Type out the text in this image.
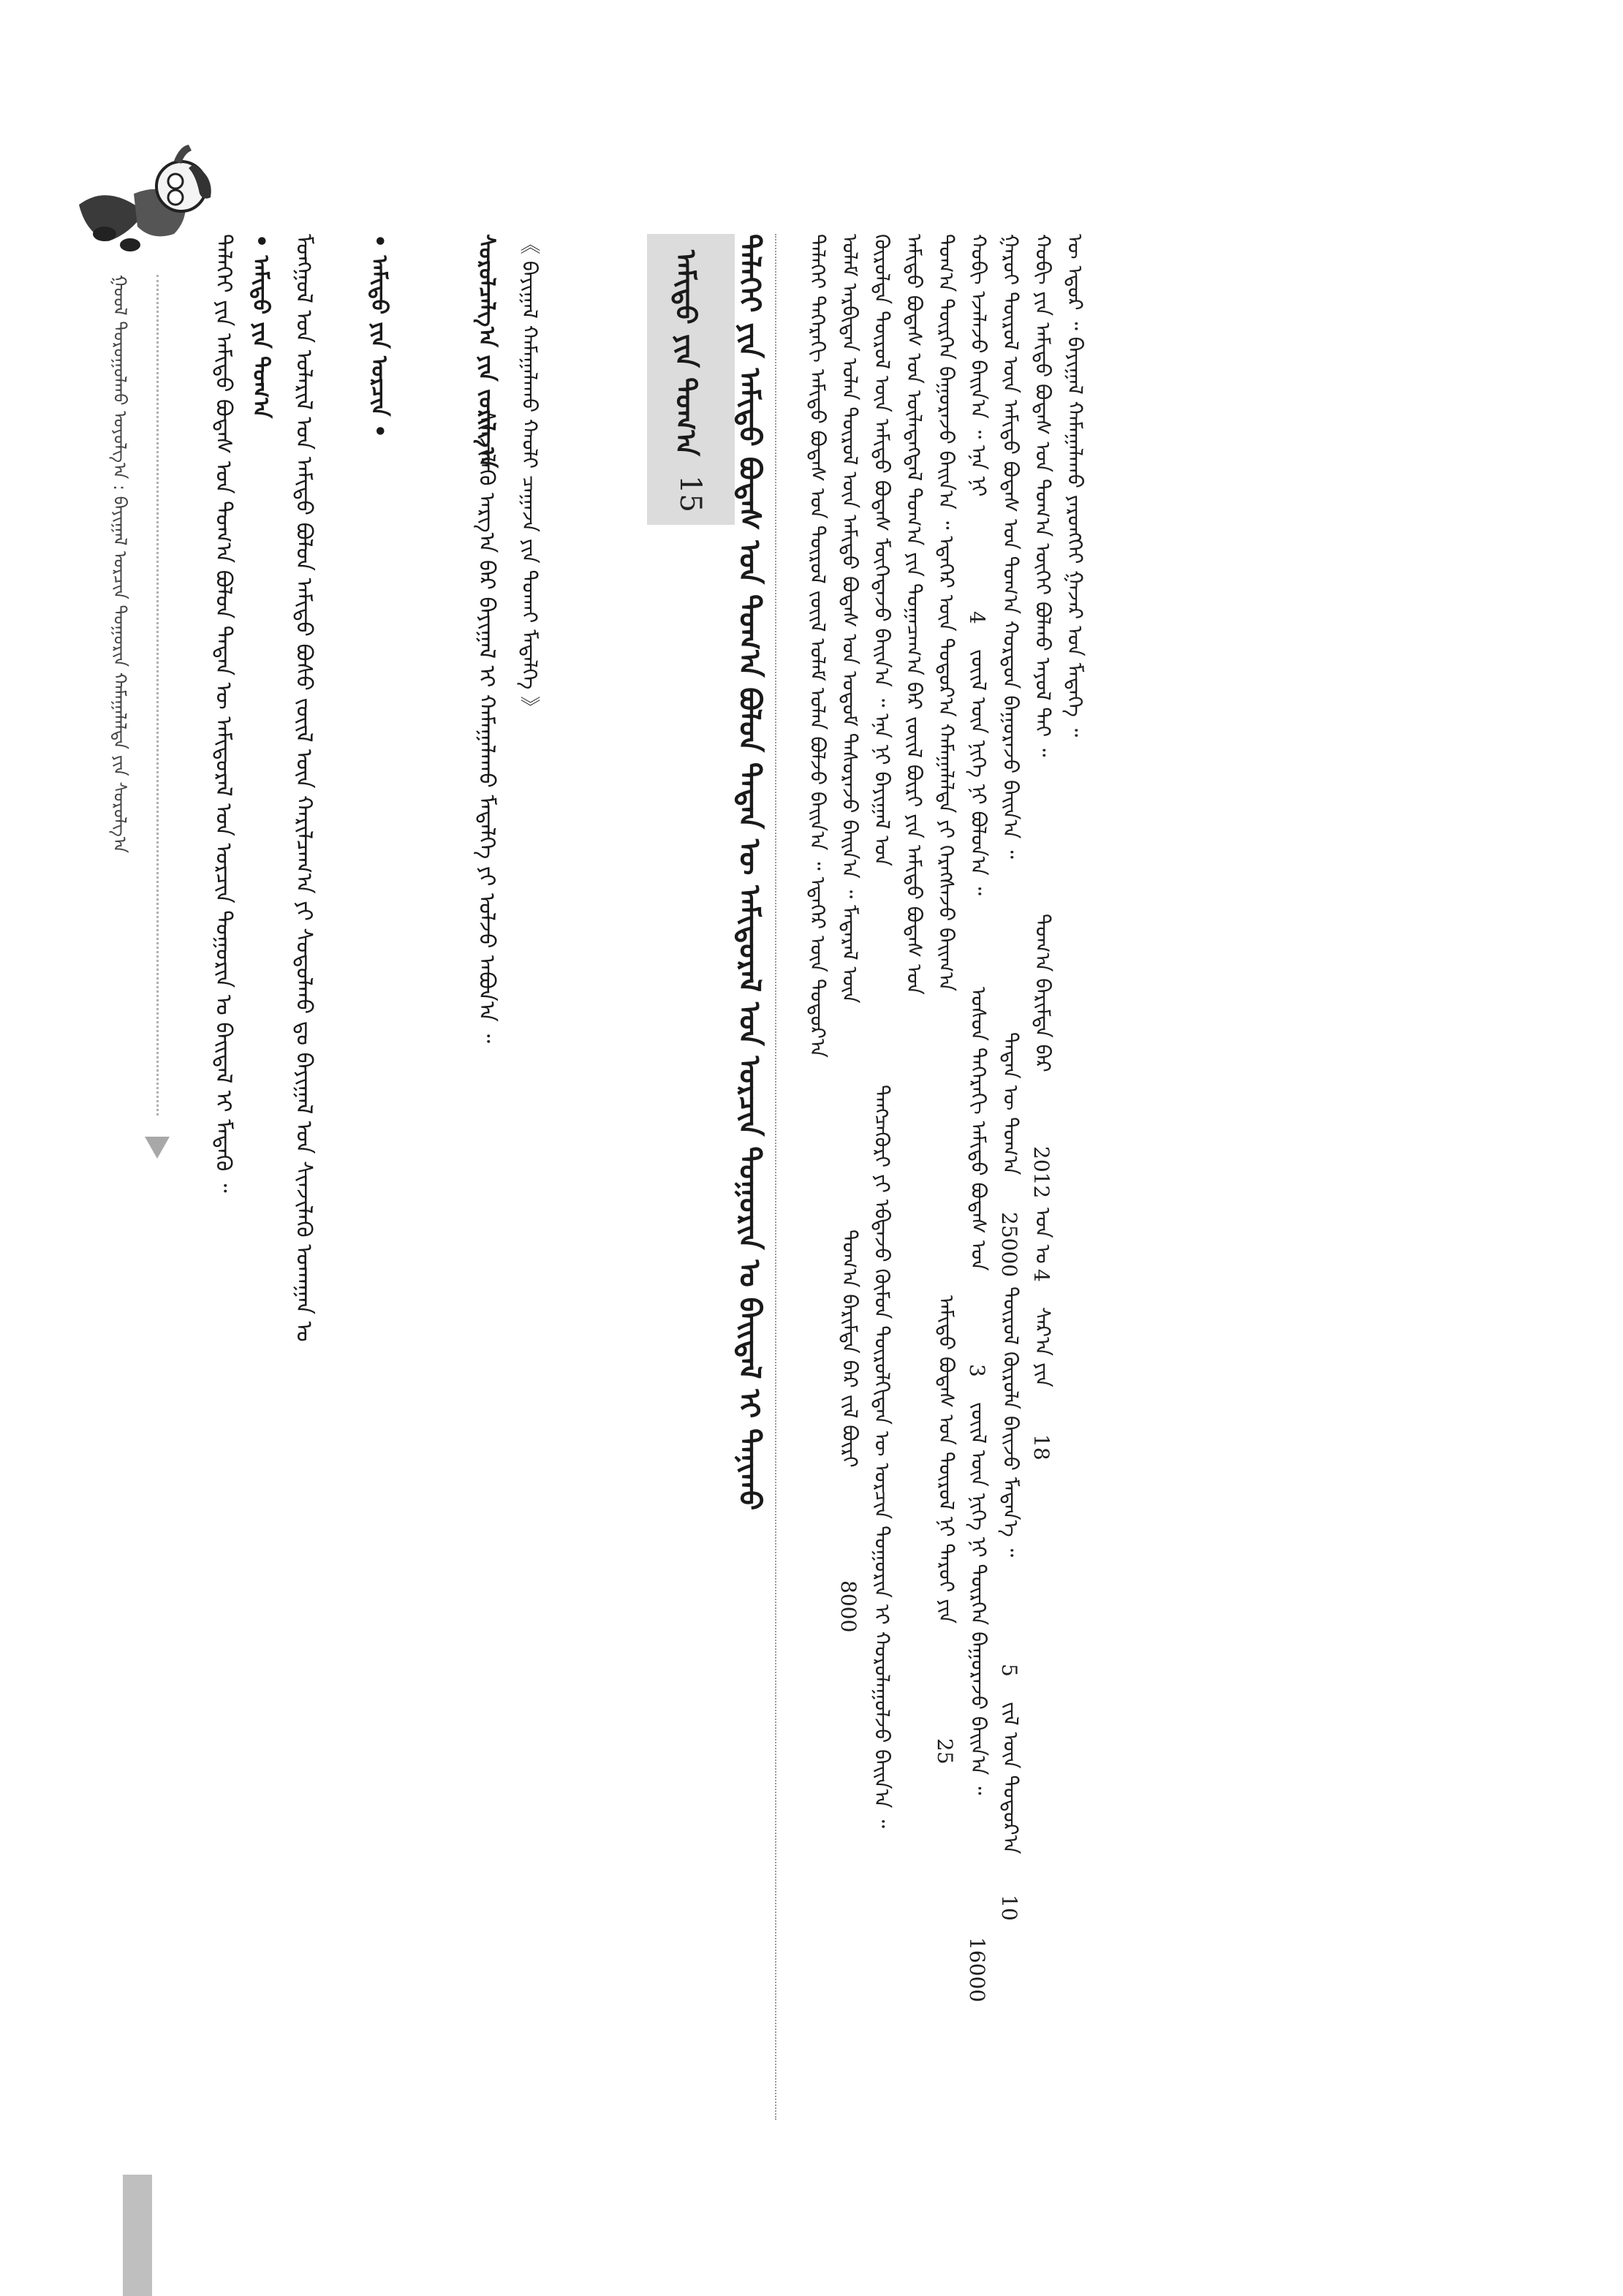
ᠭᠣᠣᠯ ᠳᠣᠷᠤᠭᠤᠯᠬᠤ ᠤᠶᠤᠯᠭ᠎ᠠ : ᠪᠠᠶᠢᠭᠠᠯ ᠣᠷᠴᠢᠨ ᠲᠣᠭᠣᠷᠢᠨ ᠬᠠᠮᠠᠭᠠᠯᠠᠯᠲᠠ ᠶᠢᠨ ᠰᠤᠷᠤᠯᠭ᠎ᠠ
• ᠠᠮᠢᠳᠤ ᠶᠢᠨ ᠲᠣᠭ᠎ᠠ
• ᠠᠮᠢᠳᠤ ᠶᠢᠨ ᠣᠷᠴᠢᠨ •
ᠳᠡᠯᠡᠬᠡᠢ ᠶᠢᠨ ᠠᠮᠢᠳᠤ ᠪᠣᠳᠠᠰ ᠤᠨ ᠲᠣᠭ᠎ᠠ ᠪᠣᠯᠣᠨ ᠲᠡᠳᠡᠨ ᠦ ᠠᠮᠢᠳᠤᠷᠠᠯ ᠤᠨ ᠣᠷᠴᠢᠨ ᠲᠣᠭᠣᠷᠢᠨ ᠤ ᠪᠠᠢᠳᠠᠯ ᠢ ᠮᠡᠳᠡᠬᠦ ᠃	ᠮᠣᠩᠭᠣᠯ ᠤᠨ ᠤᠯᠠᠷᠢᠯ ᠤᠨ ᠠᠮᠢᠳᠤ ᠪᠣᠯᠣᠨ ᠠᠮᠢᠳᠤ ᠪᠤᠰᠤ ᠵᠦᠢᠯ ᠦᠨ ᠬᠠᠷᠢᠯᠴᠠᠭ᠎ᠠ ᠶᠢ ᠰᠤᠳᠤᠯᠬᠤ ᠳᠤ ᠪᠠᠶᠢᠭᠠᠯ ᠤᠨ ᠰᠢᠨᠵᠢᠯᠡᠬᠦ ᠤᠬᠠᠭᠠᠨ ᠤ	ᠰᠤᠷᠤᠯᠴᠠᠯᠭ᠎ᠠ ᠶᠢᠨ ᠵᠣᠷᠢᠯᠭ᠎ᠠ
ᠰᠢᠨᠵᠢᠯᠡᠬᠦ ᠠᠷᠭ᠎ᠠ ᠪᠡᠷ ᠪᠠᠶᠢᠭᠠᠯ ᠢ ᠬᠠᠮᠠᠭᠠᠯᠠᠬᠤ ᠮᠡᠳᠡᠯᠭᠡ ᠶᠢ ᠣᠯᠵᠤ ᠠᠪᠤᠨ᠎ᠠ ᠃ 《 ᠪᠠᠶᠢᠭᠠᠯ ᠬᠠᠮᠠᠭᠠᠯᠠᠬᠤ ᠬᠠᠤᠯᠢ ᠴᠠᠭᠠᠵᠠ ᠶᠢᠨ ᠲᠤᠬᠠᠢ ᠮᠡᠳᠡᠯᠭᠡ 》	ᠠᠮᠢᠳᠤ ᠶᠢᠨ ᠲᠣᠭ᠎ᠠ
15 ᠳᠡᠯᠡᠬᠡᠢ ᠶᠢᠨ ᠠᠮᠢᠳᠤ ᠪᠣᠳᠠᠰ ᠤᠨ ᠲᠣᠭ᠎ᠠ ᠪᠣᠯᠣᠨ ᠲᠡᠳᠡᠨ ᠦ ᠠᠮᠢᠳᠤᠷᠠᠯ ᠤᠨ ᠣᠷᠴᠢᠨ ᠲᠣᠭᠣᠷᠢᠨ ᠤ ᠪᠠᠢᠳᠠᠯ ᠢ ᠲᠠᠨᠢᠬᠤ	ᠳᠡᠯᠡᠬᠡᠢ ᠳᠡᠭᠡᠷᠡᠬᠢ ᠠᠮᠢᠳᠤ ᠪᠣᠳᠠᠰ ᠤᠨ ᠲᠦᠷᠦᠯ ᠵᠦᠢᠯ ᠤᠯᠠᠮ ᠣᠯᠠᠨ ᠪᠣᠯᠵᠤ ᠪᠠᠢᠨ᠎ᠠ ᠃ ᠡᠳᠡᠭᠡᠷ ᠦᠨ ᠳᠣᠲᠣᠷ᠎ᠠ ᠤᠯᠠᠮ ᠠᠷᠪᠢᠳᠠᠨ ᠣᠯᠠᠨ ᠲᠦᠷᠦᠯ ᠦᠨ ᠠᠮᠢᠳᠤ ᠪᠣᠳᠠᠰ ᠤᠨ ᠤᠳᠤᠮ ᠲᠠᠰᠤᠷᠠᠵᠤ ᠪᠠᠢᠨ᠎ᠠ ᠃ ᠮᠡᠳᠡᠷᠡᠯ ᠦᠨ
ᠲᠣᠭ᠎ᠠ ᠪᠠᠷᠢᠮᠲᠠ ᠪᠡᠷ ᠵᠢᠯ ᠪᠦᠷᠢ
8000
ᠬᠦᠷᠦᠯᠲᠡ ᠲᠦᠷᠦᠯ ᠦᠨ ᠠᠮᠢᠳᠤ ᠪᠣᠳᠠᠰ ᠮᠦᠬᠡᠳᠡᠵᠦ ᠪᠠᠢᠨ᠎ᠠ ᠃ ᠡᠨᠡ ᠨᠢ ᠪᠠᠶᠢᠭᠠᠯ ᠤᠨ
ᠲᠡᠩᠴᠡᠭᠦᠷᠢ ᠶᠢ ᠡᠪᠳᠡᠵᠦ ᠬᠦᠮᠦᠨ ᠲᠥᠷᠦᠯᠬᠢᠲᠡᠨ ᠦ ᠣᠷᠴᠢᠨ ᠲᠣᠭᠣᠷᠢᠨ ᠢ ᠬᠣᠷᠣᠯᠠᠭᠤᠯᠵᠤ ᠪᠠᠢᠨ᠎ᠠ ᠃
ᠠᠮᠢᠳᠤ ᠪᠣᠳᠠᠰ ᠤᠨ ᠦᠯᠡᠳᠡᠭᠳᠡᠯ ᠲᠣᠭ᠎ᠠ ᠶᠢᠨ ᠲᠣᠭᠠᠴᠠᠭ᠎ᠠ ᠪᠡᠷ ᠵᠦᠢᠯ ᠪᠦᠷᠢ ᠶᠢᠨ ᠠᠮᠢᠳᠤ ᠪᠣᠳᠠᠰ ᠤᠨ ᠲᠣᠭ᠎ᠠ ᠲᠦᠷᠭᠡᠨ ᠪᠠᠭᠤᠷᠠᠵᠤ ᠪᠠᠢᠨ᠎ᠠ ᠃ ᠡᠳᠡᠭᠡᠷ ᠦᠨ ᠳᠣᠲᠣᠷ᠎ᠠ ᠬᠠᠮᠠᠭᠠᠯᠠᠯᠲᠠ ᠶᠢ ᠬᠡᠷᠡᠭᠰᠡᠵᠦ ᠪᠠᠢᠭ᠎ᠠ
ᠠᠮᠢᠳᠤ ᠪᠣᠳᠠᠰ ᠤᠨ ᠲᠦᠷᠦᠯ ᠨᠢ ᠳᠠᠷᠤᠢ ᠶᠢᠨ
25
ᠬᠤᠪᠢ ᠡᠵᠡᠯᠡᠵᠦ ᠪᠠᠢᠨ᠎ᠠ ᠃ ᠡᠨᠡ ᠨᠢ
4
ᠵᠦᠢᠯ ᠦᠨ ᠨᠢᠭᠡ ᠨᠢ ᠪᠣᠯᠣᠨ᠎ᠠ ᠃
ᠤᠰᠤᠨ ᠳᠡᠭᠡᠷᠡᠬᠢ ᠠᠮᠢᠳᠤ ᠪᠣᠳᠠᠰ ᠤᠨ
3
ᠵᠦᠢᠯ ᠦᠨ ᠨᠢᠭᠡ ᠨᠢ ᠲᠦᠷᠭᠡᠨ ᠪᠠᠭᠤᠷᠠᠵᠤ ᠪᠠᠢᠨ᠎ᠠ ᠃
16000
ᠭᠠᠷᠤᠢ ᠲᠦᠷᠦᠯ ᠦᠨ ᠠᠮᠢᠳᠤ ᠪᠣᠳᠠᠰ ᠤᠨ ᠲᠣᠭ᠎ᠠ ᠬᠤᠷᠳᠤᠨ ᠪᠠᠭᠤᠷᠠᠵᠤ ᠪᠠᠢᠨ᠎ᠠ ᠃
ᠲᠡᠳᠡᠨ ᠦ ᠲᠣᠭ᠎ᠠ
25000
ᠲᠦᠷᠦᠯ ᠬᠦᠷᠦᠯᠡ ᠪᠠᠢᠵᠤ ᠮᠡᠳᠡᠨ᠎ᠡ ᠃
5
ᠵᠢᠯ ᠦᠨ ᠳᠣᠲᠣᠷ᠎ᠠ
10
ᠬᠤᠪᠢ ᠶᠢᠨ ᠠᠮᠢᠳᠤ ᠪᠣᠳᠠᠰ ᠤᠨ ᠲᠣᠭ᠎ᠠ ᠦᠭᠡᠢ ᠪᠣᠯᠬᠤ ᠠᠶᠤᠯ ᠲᠠᠢ ᠃
ᠲᠣᠭ᠎ᠠ ᠪᠠᠷᠢᠮᠲᠠ ᠪᠡᠷ
2012
ᠣᠨ ᠤ
4
ᠰᠠᠷ᠎ᠠ ᠶᠢᠨ
18
ᠦ ᠡᠳᠦᠷ ᠃ ᠪᠠᠶᠢᠭᠠᠯ ᠬᠠᠮᠠᠭᠠᠯᠠᠬᠤ ᠶᠡᠷᠦᠩᠬᠡᠢ ᠭᠠᠵᠠᠷ ᠤᠨ ᠮᠡᠳᠡᠭᠡ ᠃
